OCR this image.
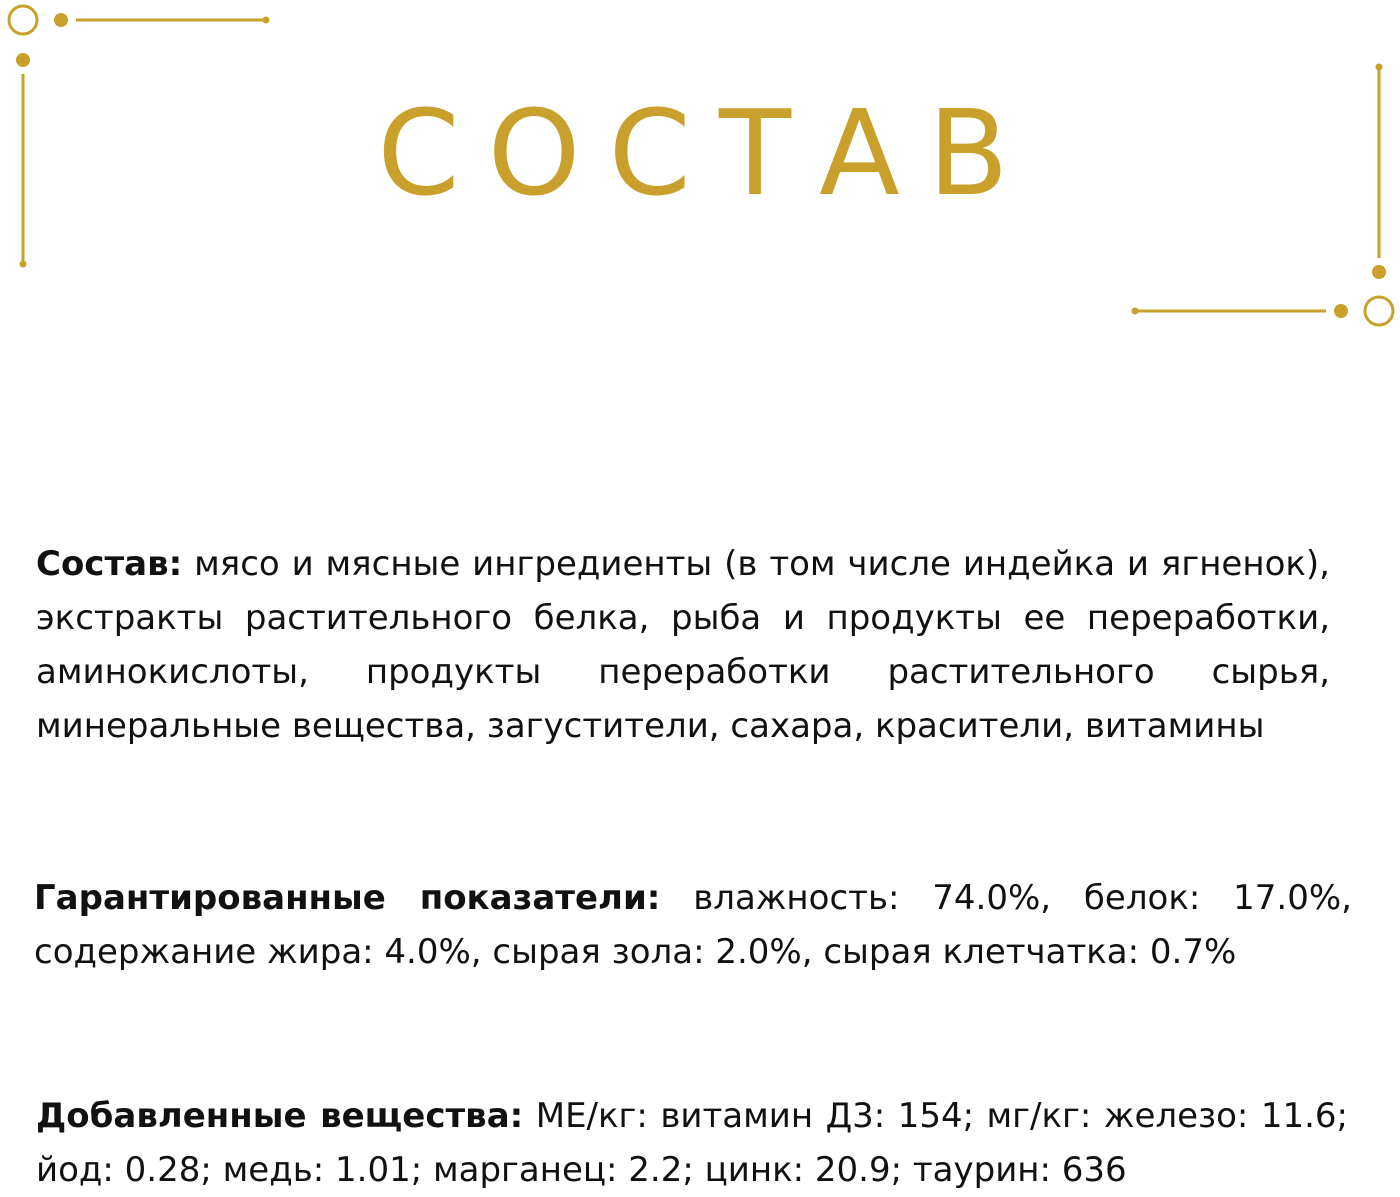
СОСТАВ

Состав: мясо и мясные ингредиенты (в том числе индейка и ягненок), экстракты растительного белка, рыба и продукты ее переработки, аминокислоты, продукты переработки растительного сырья, минеральные вещества, загустители, сахара, красители, витамины

Гарантированные показатели: влажность: 74.0%, белок: 17.0%, содержание жира: 4.0%, сырая зола: 2.0%, сырая клетчатка: 0.7%

Добавленные вещества: МЕ/кг: витамин Д3: 154; мг/кг: железо: 11.6; йод: 0.28; медь: 1.01; марганец: 2.2; цинк: 20.9; таурин: 636
